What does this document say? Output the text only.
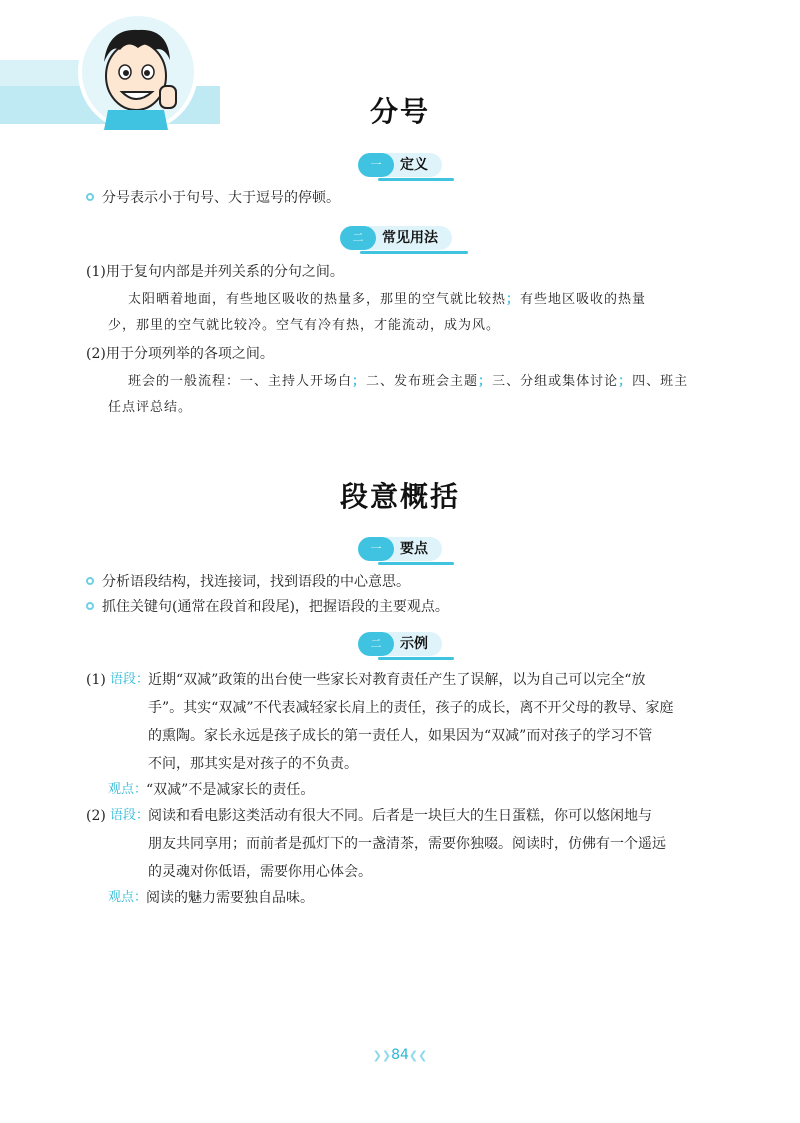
分号
定义
一
分号表示小于句号、大于逗号的停顿。
常见用法
二
(1)用于复句内部是并列关系的分句之间。
太阳晒着地面，有些地区吸收的热量多，那里的空气就比较热；有些地区吸收的热量
少，那里的空气就比较冷。空气有冷有热，才能流动，成为风。
(2)用于分项列举的各项之间。
班会的一般流程：一、主持人开场白；二、发布班会主题；三、分组或集体讨论；四、班主
任点评总结。
段意概括
要点
一
分析语段结构，找连接词，找到语段的中心意思。
抓住关键句(通常在段首和段尾)，把握语段的主要观点。
示例
二
(1) 语段：
近期“双减”政策的出台使一些家长对教育责任产生了误解，以为自己可以完全“放
手”。其实“双减”不代表减轻家长肩上的责任，孩子的成长，离不开父母的教导、家庭
的熏陶。家长永远是孩子成长的第一责任人，如果因为“双减”而对孩子的学习不管
不问，那其实是对孩子的不负责。
观点：
“双减”不是减家长的责任。
(2) 语段：
阅读和看电影这类活动有很大不同。后者是一块巨大的生日蛋糕，你可以悠闲地与
朋友共同享用；而前者是孤灯下的一盏清茶，需要你独啜。阅读时，仿佛有一个遥远
的灵魂对你低语，需要你用心体会。
观点：
阅读的魅力需要独自品味。
❯❯84❮❮
